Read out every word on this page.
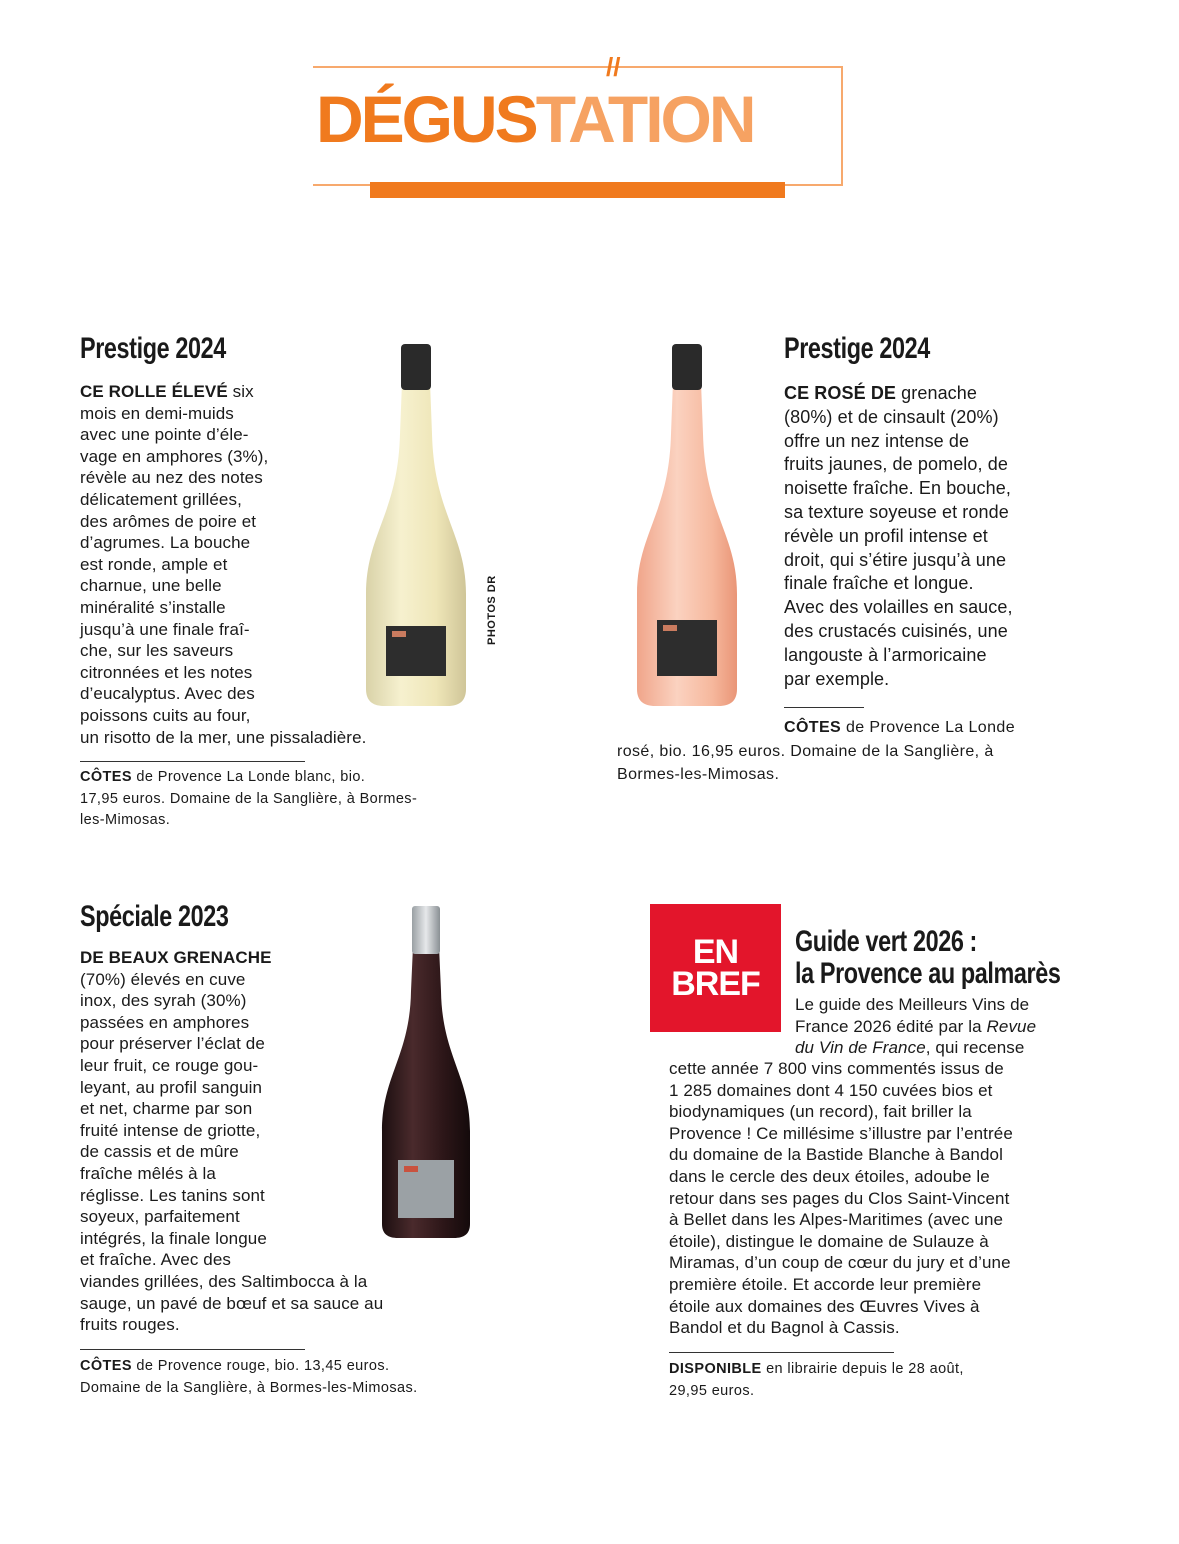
//
DÉGUSTATION
Prestige 2024
CE ROLLE ÉLEVÉ six
mois en demi-muids
avec une pointe d’éle-
vage en amphores (3%),
révèle au nez des notes
délicatement grillées,
des arômes de poire et
d’agrumes. La bouche
est ronde, ample et
charnue, une belle
minéralité s’installe
jusqu’à une finale fraî-
che, sur les saveurs
citronnées et les notes
d’eucalyptus. Avec des
poissons cuits au four,
un risotto de la mer, une pissaladière.
CÔTES de Provence La Londe blanc, bio.
17,95 euros. Domaine de la Sanglière, à Bormes-
les-Mimosas.
PHOTOS DR
Prestige 2024
CE ROSÉ DE grenache
(80%) et de cinsault (20%)
offre un nez intense de
fruits jaunes, de pomelo, de
noisette fraîche. En bouche,
sa texture soyeuse et ronde
révèle un profil intense et
droit, qui s’étire jusqu’à une
finale fraîche et longue.
Avec des volailles en sauce,
des crustacés cuisinés, une
langouste à l’armoricaine
par exemple.
CÔTES de Provence La Londe
rosé, bio. 16,95 euros. Domaine de la Sanglière, à
Bormes-les-Mimosas.
Spéciale 2023
DE BEAUX GRENACHE
(70%) élevés en cuve
inox, des syrah (30%)
passées en amphores
pour préserver l’éclat de
leur fruit, ce rouge gou-
leyant, au profil sanguin
et net, charme par son
fruité intense de griotte,
de cassis et de mûre
fraîche mêlés à la
réglisse. Les tanins sont
soyeux, parfaitement
intégrés, la finale longue
et fraîche. Avec des
viandes grillées, des Saltimbocca à la
sauge, un pavé de bœuf et sa sauce au
fruits rouges.
CÔTES de Provence rouge, bio. 13,45 euros.
Domaine de la Sanglière, à Bormes-les-Mimosas.
EN
BREF
Guide vert 2026 :
la Provence au palmarès
Le guide des Meilleurs Vins de
France 2026 édité par la Revue
du Vin de France, qui recense
cette année 7 800 vins commentés issus de
1 285 domaines dont 4 150 cuvées bios et
biodynamiques (un record), fait briller la
Provence ! Ce millésime s’illustre par l’entrée
du domaine de la Bastide Blanche à Bandol
dans le cercle des deux étoiles, adoube le
retour dans ses pages du Clos Saint-Vincent
à Bellet dans les Alpes-Maritimes (avec une
étoile), distingue le domaine de Sulauze à
Miramas, d’un coup de cœur du jury et d’une
première étoile. Et accorde leur première
étoile aux domaines des Œuvres Vives à
Bandol et du Bagnol à Cassis.
DISPONIBLE en librairie depuis le 28 août,
29,95 euros.
